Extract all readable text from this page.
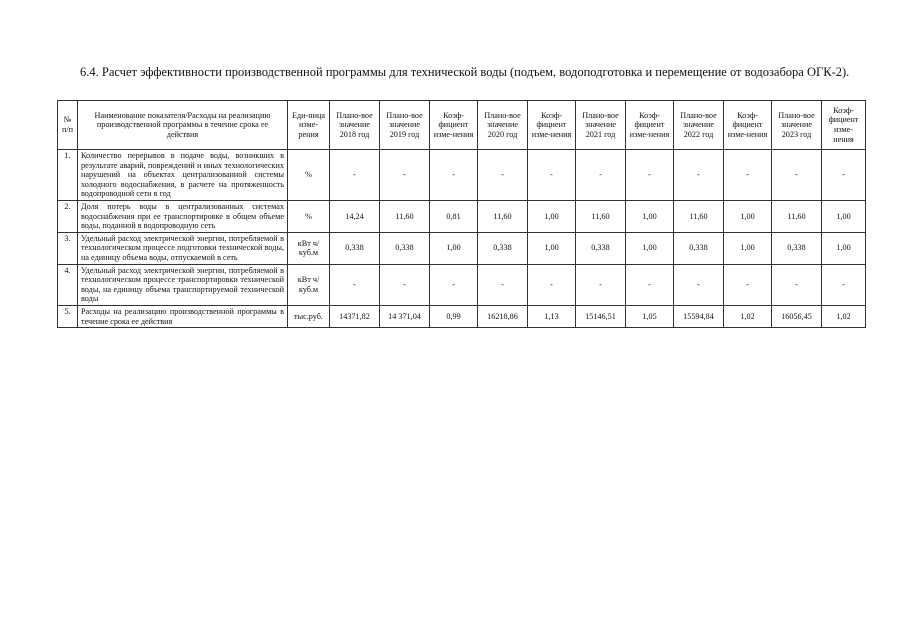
6.4. Расчет эффективности производственной программы для технической воды (подъем, водоподготовка и перемещение от водозабора ОГК-2).

№ п/п	Наименование показателя/Расходы на реализацию производственной программы в течение срока ее действия	Еди-ница изме-рения	Плано-вое значение 2018 год	Плано-вое значение 2019 год	Коэф-фициент изме-нения	Плано-вое значение 2020 год	Коэф-фициент изме-нения	Плано-вое значение 2021 год	Коэф-фициент изме-нения	Плано-вое значение 2022 год	Коэф-фициент изме-нения	Плано-вое значение 2023 год	Коэф-фициент изме-нения
1.	Количество перерывов в подаче воды, возникших в результате аварий, повреждений и иных технологических нарушений на объектах централизованной системы холодного водоснабжения, в расчете на протяженность водопроводной сети в год	%	-	-	-	-	-	-	-	-	-	-	-
2.	Доля потерь воды в централизованных системах водоснабжения при ее транспортировке в общем объеме воды, поданной в водопроводную сеть	%	14,24	11,60	0,81	11,60	1,00	11,60	1,00	11,60	1,00	11,60	1,00
3.	Удельный расход электрической энергии, потребляемой в технологическом процессе подготовки технической воды, на единицу объема воды, отпускаемой в сеть	кВт ч/куб.м	0,338	0,338	1,00	0,338	1,00	0,338	1,00	0,338	1,00	0,338	1,00
4.	Удельный расход электрической энергии, потребляемой в технологическом процессе транспортировки технической воды, на единицу объема транспортируемой технической воды	кВт ч/куб.м	-	-	-	-	-	-	-	-	-	-	-
5.	Расходы на реализацию производственной программы в течение срока ее действия	тыс.руб.	14371,82	14 371,04	0,99	16218,86	1,13	15146,51	1,05	15594,84	1,02	16056,45	1,02
